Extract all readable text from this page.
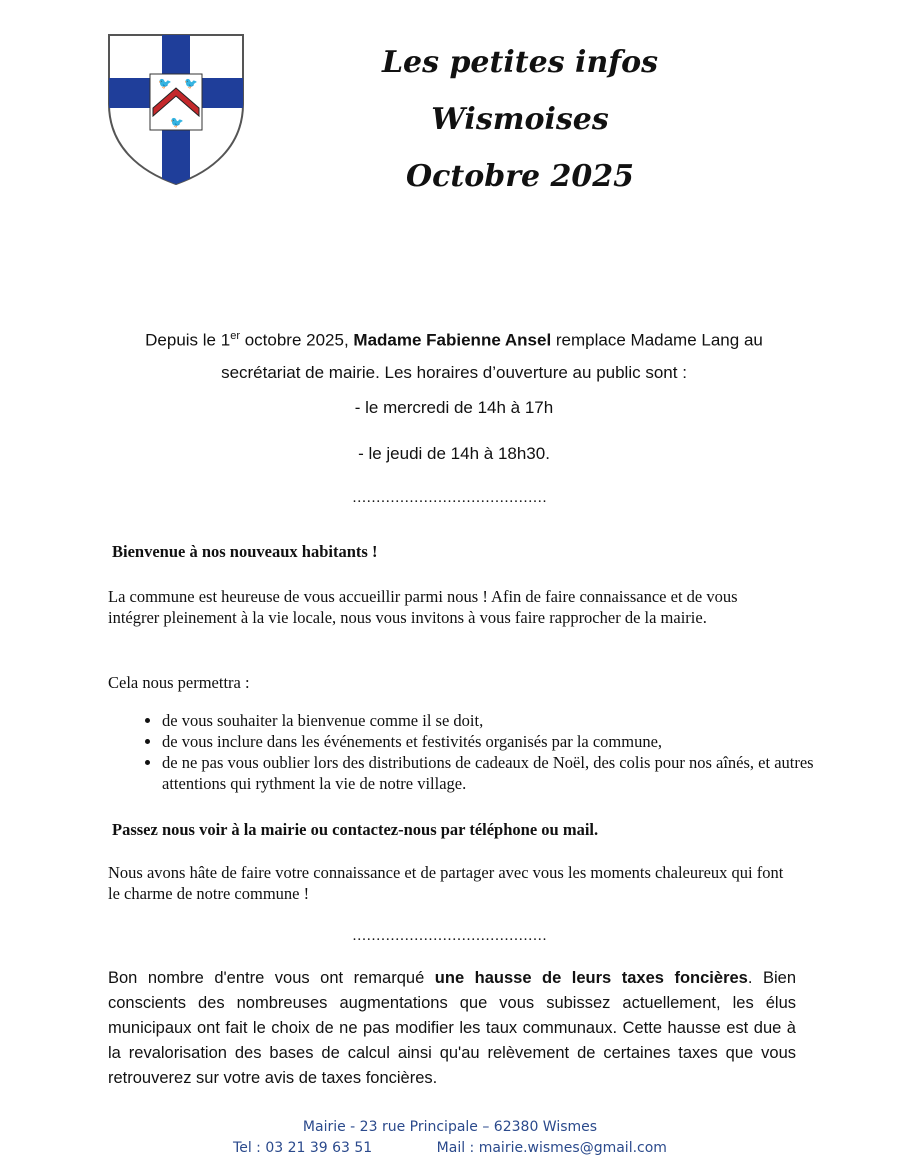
🐦 🐦
🐦
Les petites infos
Wismoises
Octobre 2025
Depuis le 1er octobre 2025, Madame Fabienne Ansel remplace Madame Lang au
secrétariat de mairie. Les horaires d’ouverture au public sont :
- le mercredi de 14h à 17h
- le jeudi de 14h à 18h30.
.........................................
Bienvenue à nos nouveaux habitants !
La commune est heureuse de vous accueillir parmi nous ! Afin de faire connaissance et de vous intégrer pleinement à la vie locale, nous vous invitons à vous faire rapprocher de la mairie.
Cela nous permettra :
• de vous souhaiter la bienvenue comme il se doit,
• de vous inclure dans les événements et festivités organisés par la commune,
• de ne pas vous oublier lors des distributions de cadeaux de Noël, des colis pour nos aînés, et autres attentions qui rythment la vie de notre village.
Passez nous voir à la mairie ou contactez-nous par téléphone ou mail.
Nous avons hâte de faire votre connaissance et de partager avec vous les moments chaleureux qui font le charme de notre commune !
.........................................
Bon nombre d'entre vous ont remarqué une hausse de leurs taxes foncières. Bien conscients des nombreuses augmentations que vous subissez actuellement, les élus municipaux ont fait le choix de ne pas modifier les taux communaux. Cette hausse est due à la revalorisation des bases de calcul ainsi qu'au relèvement de certaines taxes que vous retrouverez sur votre avis de taxes foncières.
Mairie - 23 rue Principale – 62380 Wismes
Tel : 03 21 39 63 51	Mail : mairie.wismes@gmail.com
